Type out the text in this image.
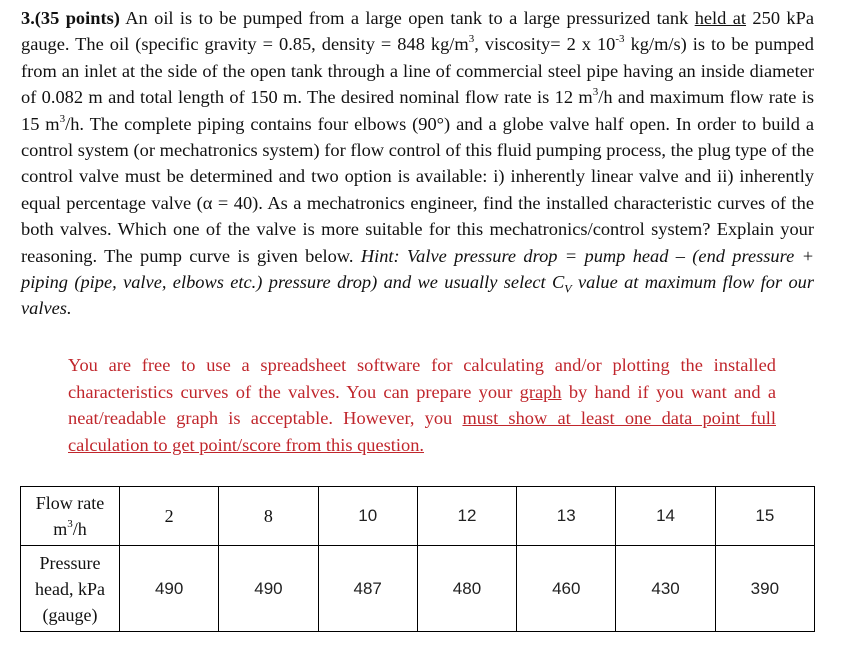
3.(35 points) An oil is to be pumped from a large open tank to a large pressurized tank held at 250 kPa gauge. The oil (specific gravity = 0.85, density = 848 $kg/m^3$, viscosity= 2 x $10^{-3}$ kg/m/s) is to be pumped from an inlet at the side of the open tank through a line of commercial steel pipe having an inside diameter of 0.082 m and total length of 150 m. The desired nominal flow rate is 12 $m^3/h$ and maximum flow rate is 15 $m^3/h$. The complete piping contains four elbows (90°) and a globe valve half open. In order to build a control system (or mechatronics system) for flow control of this fluid pumping process, the plug type of the control valve must be determined and two option is available: i) inherently linear valve and ii) inherently equal percentage valve (α = 40). As a mechatronics engineer, find the installed characteristic curves of the both valves. Which one of the valve is more suitable for this mechatronics/control system? Explain your reasoning. The pump curve is given below. Hint: Valve pressure drop = pump head – (end pressure + piping (pipe, valve, elbows etc.) pressure drop) and we usually select $C_V$ value at maximum flow for our valves.

You are free to use a spreadsheet software for calculating and/or plotting the installed characteristics curves of the valves. You can prepare your graph by hand if you want and a neat/readable graph is acceptable. However, you must show at least one data point full calculation to get point/score from this question.

Flow rate
$m^3/h$	2	8	10	12	13	14	15
Pressure
head, kPa
(gauge)	490	490	487	480	460	430	390
